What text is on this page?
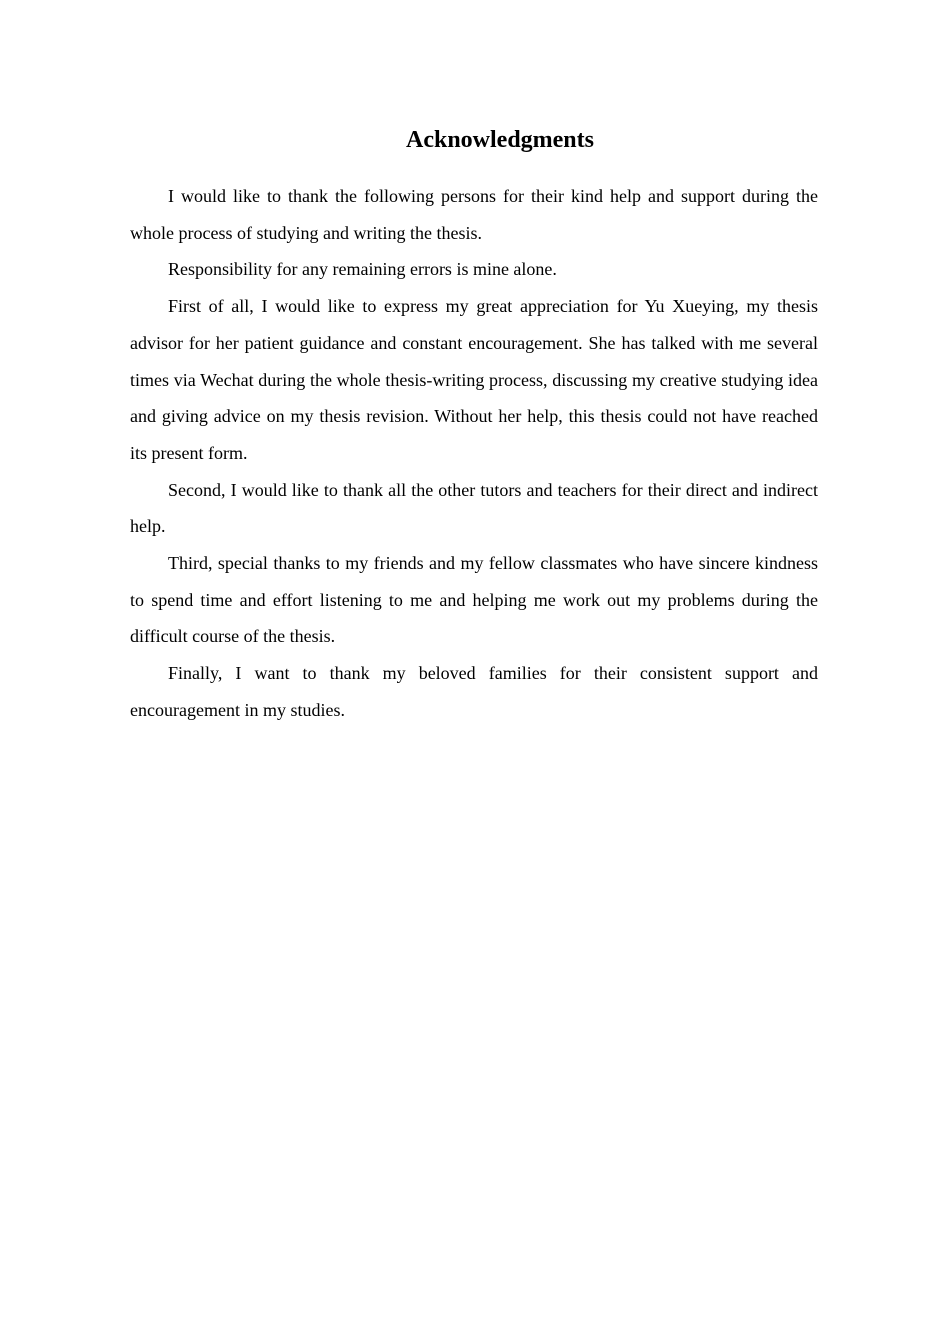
Acknowledgments

I would like to thank the following persons for their kind help and support during the whole process of studying and writing the thesis.

Responsibility for any remaining errors is mine alone.

First of all, I would like to express my great appreciation for Yu Xueying, my thesis advisor for her patient guidance and constant encouragement. She has talked with me several times via Wechat during the whole thesis-writing process, discussing my creative studying idea and giving advice on my thesis revision. Without her help, this thesis could not have reached its present form.

Second, I would like to thank all the other tutors and teachers for their direct and indirect help.

Third, special thanks to my friends and my fellow classmates who have sincere kindness to spend time and effort listening to me and helping me work out my problems during the difficult course of the thesis.

Finally, I want to thank my beloved families for their consistent support and encouragement in my studies.
